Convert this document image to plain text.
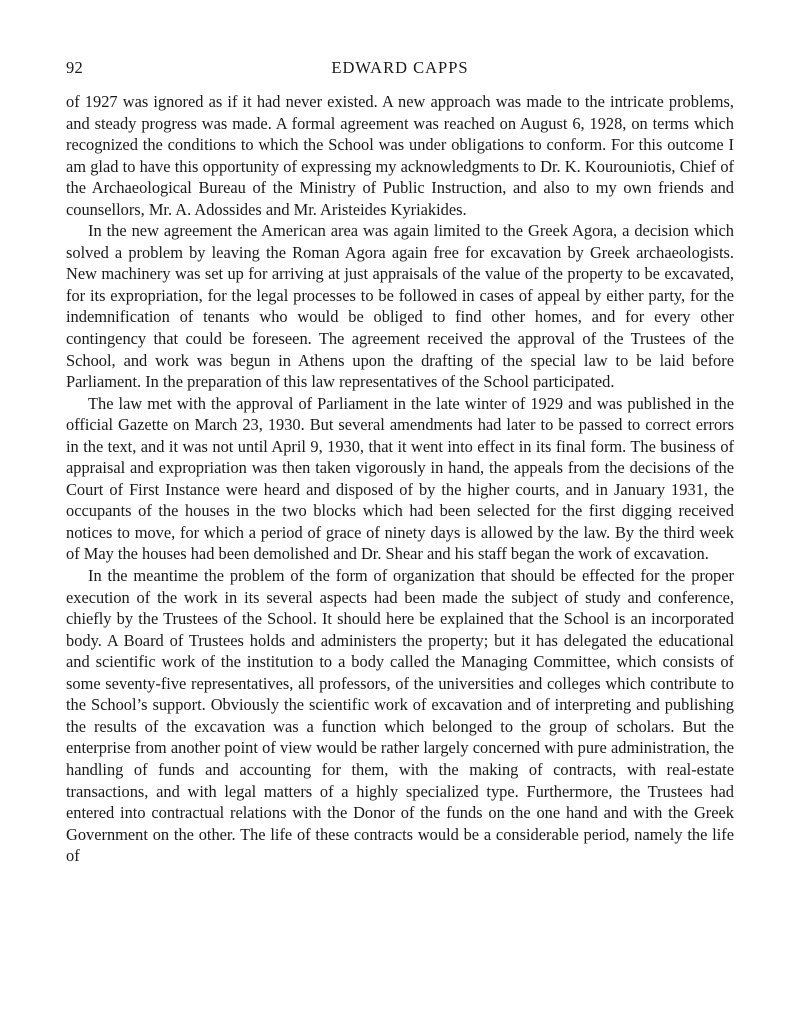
92	EDWARD CAPPS

of 1927 was ignored as if it had never existed. A new approach was made to the intricate problems, and steady progress was made. A formal agreement was reached on August 6, 1928, on terms which recognized the conditions to which the School was under obligations to conform. For this outcome I am glad to have this opportunity of expressing my acknowledgments to Dr. K. Kourouniotis, Chief of the Archaeological Bureau of the Ministry of Public Instruction, and also to my own friends and counsellors, Mr. A. Adossides and Mr. Aristeides Kyriakides.

In the new agreement the American area was again limited to the Greek Agora, a decision which solved a problem by leaving the Roman Agora again free for excavation by Greek archaeologists. New machinery was set up for arriving at just appraisals of the value of the property to be excavated, for its expropriation, for the legal processes to be followed in cases of appeal by either party, for the indemnification of tenants who would be obliged to find other homes, and for every other contingency that could be foreseen. The agreement received the approval of the Trustees of the School, and work was begun in Athens upon the drafting of the special law to be laid before Parliament. In the preparation of this law representatives of the School participated.

The law met with the approval of Parliament in the late winter of 1929 and was published in the official Gazette on March 23, 1930. But several amendments had later to be passed to correct errors in the text, and it was not until April 9, 1930, that it went into effect in its final form. The business of appraisal and expropriation was then taken vigorously in hand, the appeals from the decisions of the Court of First Instance were heard and disposed of by the higher courts, and in January 1931, the occupants of the houses in the two blocks which had been selected for the first digging received notices to move, for which a period of grace of ninety days is allowed by the law. By the third week of May the houses had been demolished and Dr. Shear and his staff began the work of excavation.

In the meantime the problem of the form of organization that should be effected for the proper execution of the work in its several aspects had been made the subject of study and conference, chiefly by the Trustees of the School. It should here be explained that the School is an incorporated body. A Board of Trustees holds and administers the property; but it has delegated the educational and scientific work of the institution to a body called the Managing Committee, which consists of some seventy-five representatives, all professors, of the universities and colleges which contribute to the School’s support. Obviously the scientific work of excavation and of interpreting and publishing the results of the excavation was a function which belonged to the group of scholars. But the enterprise from another point of view would be rather largely concerned with pure administration, the handling of funds and accounting for them, with the making of contracts, with real-estate transactions, and with legal matters of a highly specialized type. Furthermore, the Trustees had entered into contractual relations with the Donor of the funds on the one hand and with the Greek Government on the other. The life of these contracts would be a considerable period, namely the life of
